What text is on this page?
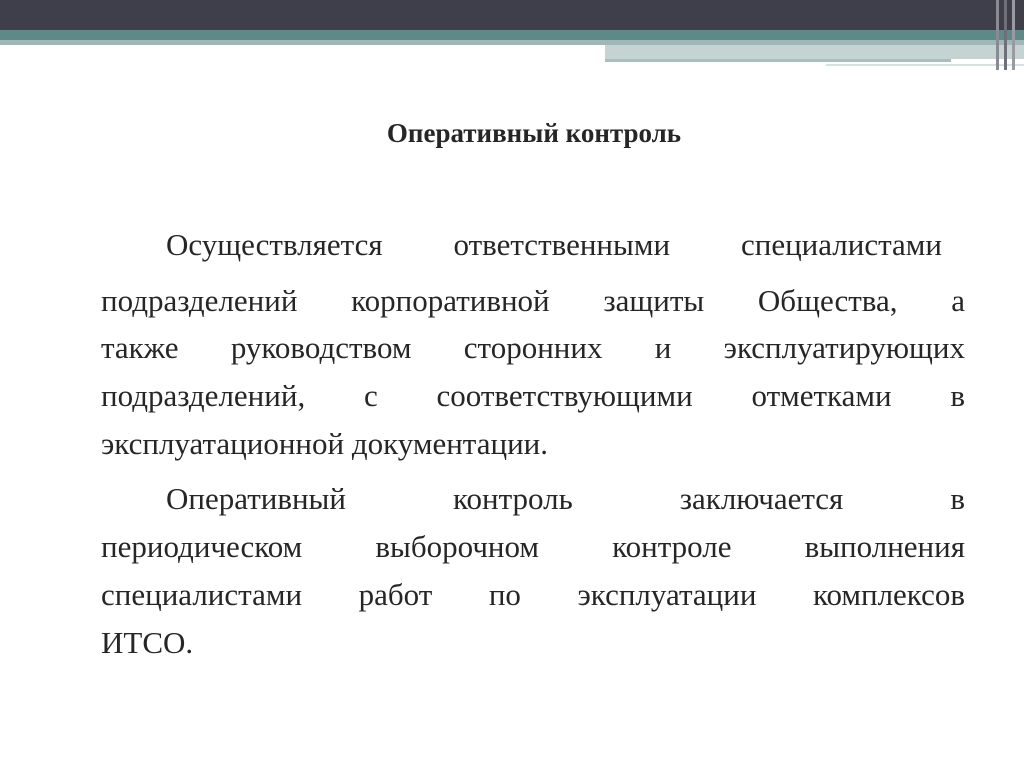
Оперативный контроль

Осуществляется ответственными специалистами

подразделений корпоративной защиты Общества, а

также руководством сторонних и эксплуатирующих

подразделений, с соответствующими отметками в

эксплуатационной документации.

Оперативный контроль заключается в

периодическом выборочном контроле выполнения

специалистами работ по эксплуатации комплексов

ИТСО.
